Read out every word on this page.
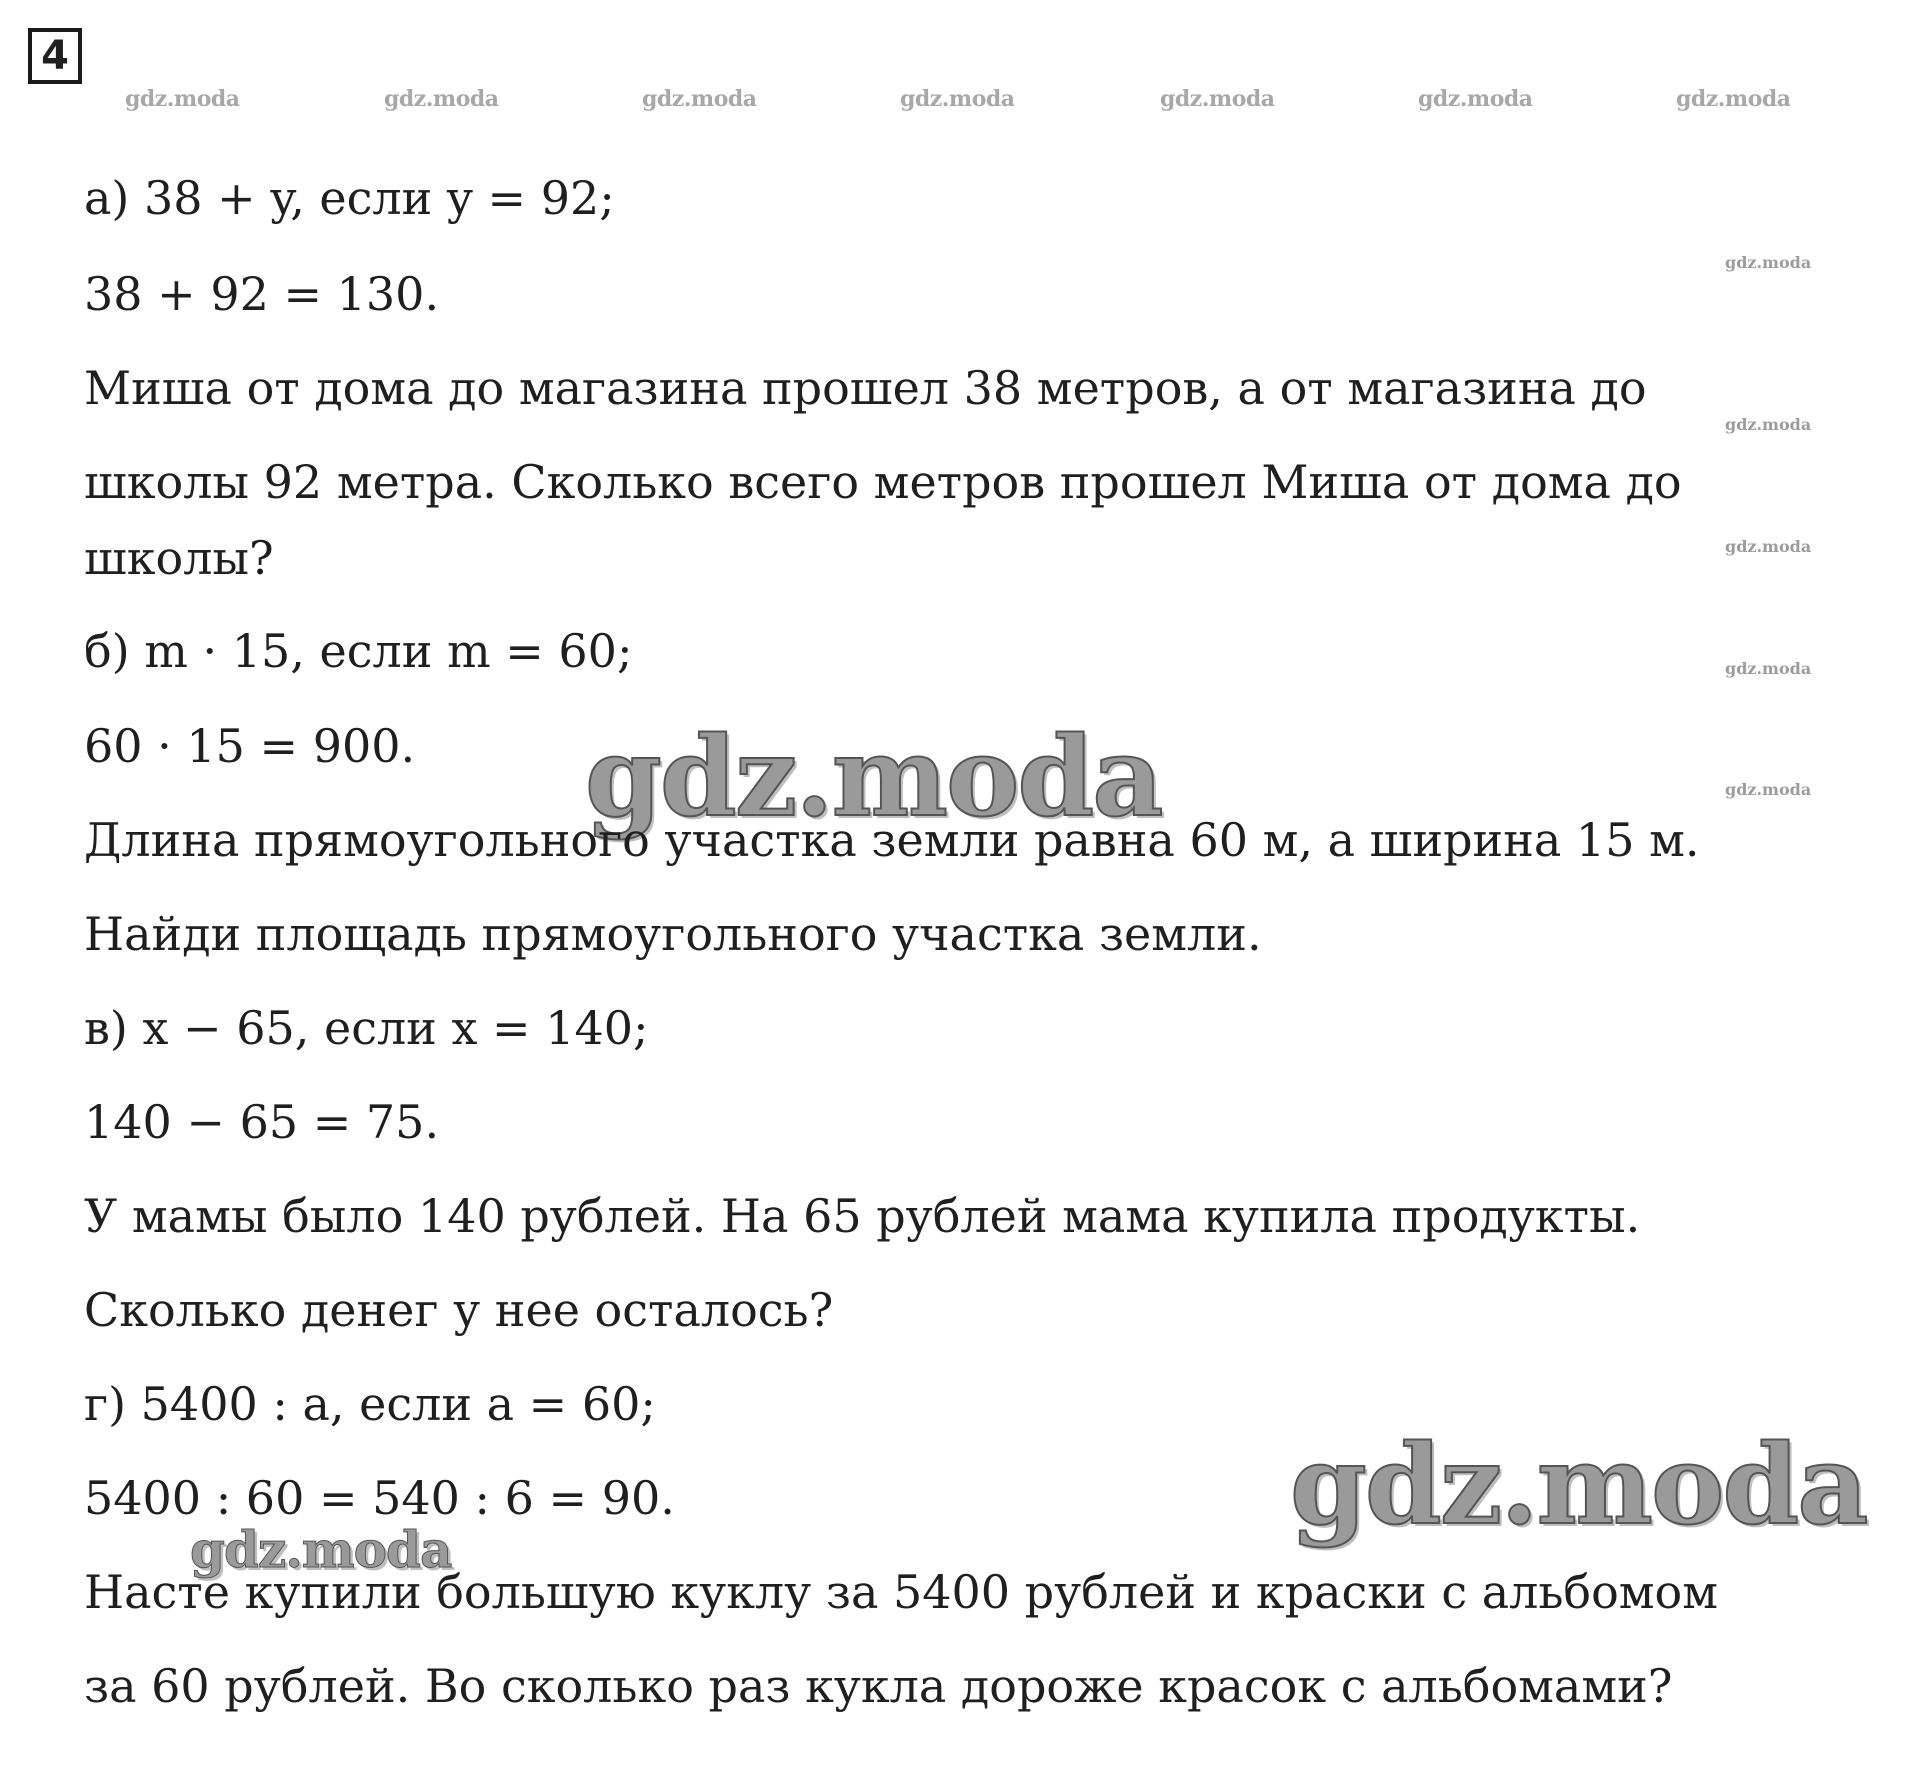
4
gdz.moda	gdz.moda	gdz.moda	gdz.moda	gdz.moda	gdz.moda	gdz.moda
gdz.moda
gdz.moda
gdz.moda
gdz.moda
gdz.moda
gdz.moda
gdz.moda
gdz.moda
а) 38 + y, если y = 92;
38 + 92 = 130.
Миша от дома до магазина прошел 38 метров, а от магазина до
школы 92 метра. Сколько всего метров прошел Миша от дома до
школы?
б) m · 15, если m = 60;
60 · 15 = 900.
Длина прямоугольного участка земли равна 60 м, а ширина 15 м.
Найди площадь прямоугольного участка земли.
в) x − 65, если x = 140;
140 − 65 = 75.
У мамы было 140 рублей. На 65 рублей мама купила продукты.
Сколько денег у нее осталось?
г) 5400 : a, если a = 60;
5400 : 60 = 540 : 6 = 90.
Насте купили большую куклу за 5400 рублей и краски с альбомом
за 60 рублей. Во сколько раз кукла дороже красок с альбомами?
